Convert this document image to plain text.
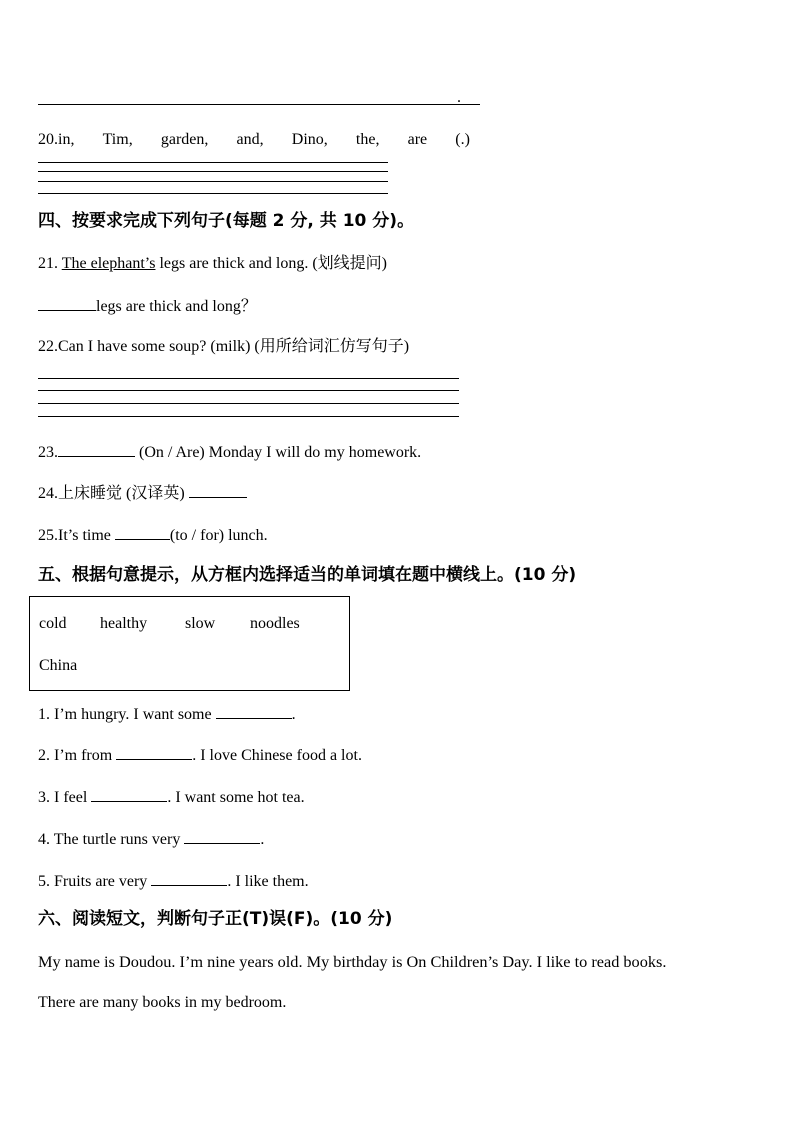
.
20.in, Tim, garden, and, Dino, the, are (.)
四、按要求完成下列句子(每题 2 分, 共 10 分)。
21. The elephant’s legs are thick and long. (划线提问)
legs are thick and long？
22.Can I have some soup? (milk) (用所给词汇仿写句子)
23.	(On / Are) Monday I will do my homework.
24.上床睡觉 (汉译英)
25.It’s time	(to / for) lunch.
五、根据句意提示，从方框内选择适当的单词填在题中横线上。(10 分)
cold healthy slow noodles
China
1. I’m hungry. I want some	.
2. I’m from	. I love Chinese food a lot.
3. I feel	. I want some hot tea.
4. The turtle runs very	.
5. Fruits are very	. I like them.
六、阅读短文，判断句子正(T)误(F)。(10 分)
My name is Doudou. I’m nine years old. My birthday is On Children’s Day. I like to read books.
There are many books in my bedroom.
